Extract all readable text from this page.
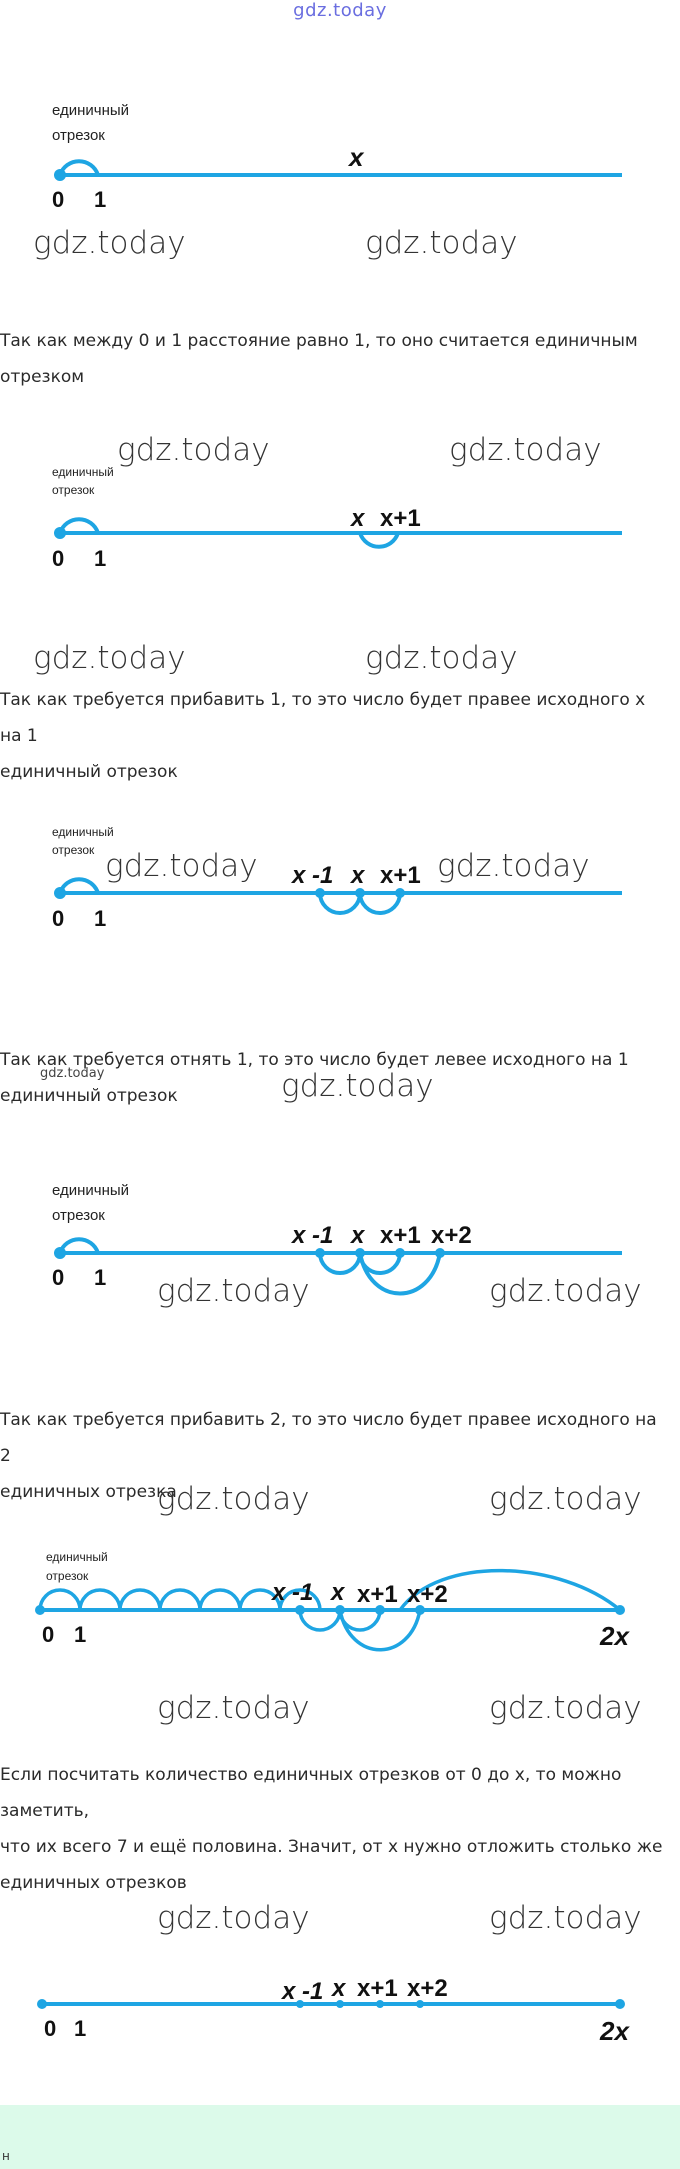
gdz.today
единичный
отрезок
0 1
x
gdz.today	gdz.today
Так как между 0 и 1 расстояние равно 1, то оно считается единичным
отрезком
gdz.today	gdz.today
единичный
отрезок
0 1
x x+1
gdz.today	gdz.today
Так как требуется прибавить 1, то это число будет правее исходного x на 1
единичный отрезок
единичный
отрезок
0 1
x -1 x x+1
gdz.today	gdz.today
Так как требуется отнять 1, то это число будет левее исходного на 1
единичный отрезок
gdz.today	gdz.today
единичный
отрезок
0 1
x -1 x x+1 x+2
gdz.today	gdz.today
Так как требуется прибавить 2, то это число будет правее исходного на 2
единичных отрезка
gdz.today	gdz.today
единичный
отрезок
0 1
x -1 x x+1 x+2
2x
gdz.today	gdz.today
Если посчитать количество единичных отрезков от 0 до x, то можно заметить,
что их всего 7 и ещё половина. Значит, от x нужно отложить столько же
единичных отрезков
gdz.today	gdz.today
0 1
x -1 x x+1 x+2
2x
н
